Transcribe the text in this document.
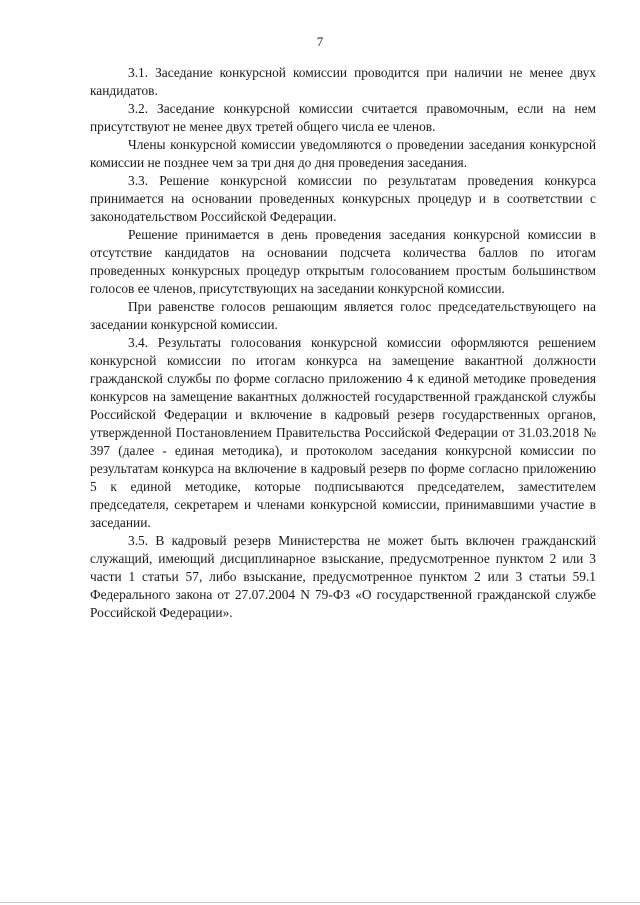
7

3.1. Заседание конкурсной комиссии проводится при наличии не менее двух кандидатов.

3.2. Заседание конкурсной комиссии считается правомочным, если на нем присутствуют не менее двух третей общего числа ее членов.

Члены конкурсной комиссии уведомляются о проведении заседания конкурсной комиссии не позднее чем за три дня до дня проведения заседания.

3.3. Решение конкурсной комиссии по результатам проведения конкурса принимается на основании проведенных конкурсных процедур и в соответствии с законодательством Российской Федерации.

Решение принимается в день проведения заседания конкурсной комиссии в отсутствие кандидатов на основании подсчета количества баллов по итогам проведенных конкурсных процедур открытым голосованием простым большинством голосов ее членов, присутствующих на заседании конкурсной комиссии.

При равенстве голосов решающим является голос председательствующего на заседании конкурсной комиссии.

3.4. Результаты голосования конкурсной комиссии оформляются решением конкурсной комиссии по итогам конкурса на замещение вакантной должности гражданской службы по форме согласно приложению 4 к единой методике проведения конкурсов на замещение вакантных должностей государственной гражданской службы Российской Федерации и включение в кадровый резерв государственных органов, утвержденной Постановлением Правительства Российской Федерации от 31.03.2018 № 397 (далее - единая методика), и протоколом заседания конкурсной комиссии по результатам конкурса на включение в кадровый резерв по форме согласно приложению 5 к единой методике, которые подписываются председателем, заместителем председателя, секретарем и членами конкурсной комиссии, принимавшими участие в заседании.

3.5. В кадровый резерв Министерства не может быть включен гражданский служащий, имеющий дисциплинарное взыскание, предусмотренное пунктом 2 или 3 части 1 статьи 57, либо взыскание, предусмотренное пунктом 2 или 3 статьи 59.1 Федерального закона от 27.07.2004 N 79-ФЗ «О государственной гражданской службе Российской Федерации».
